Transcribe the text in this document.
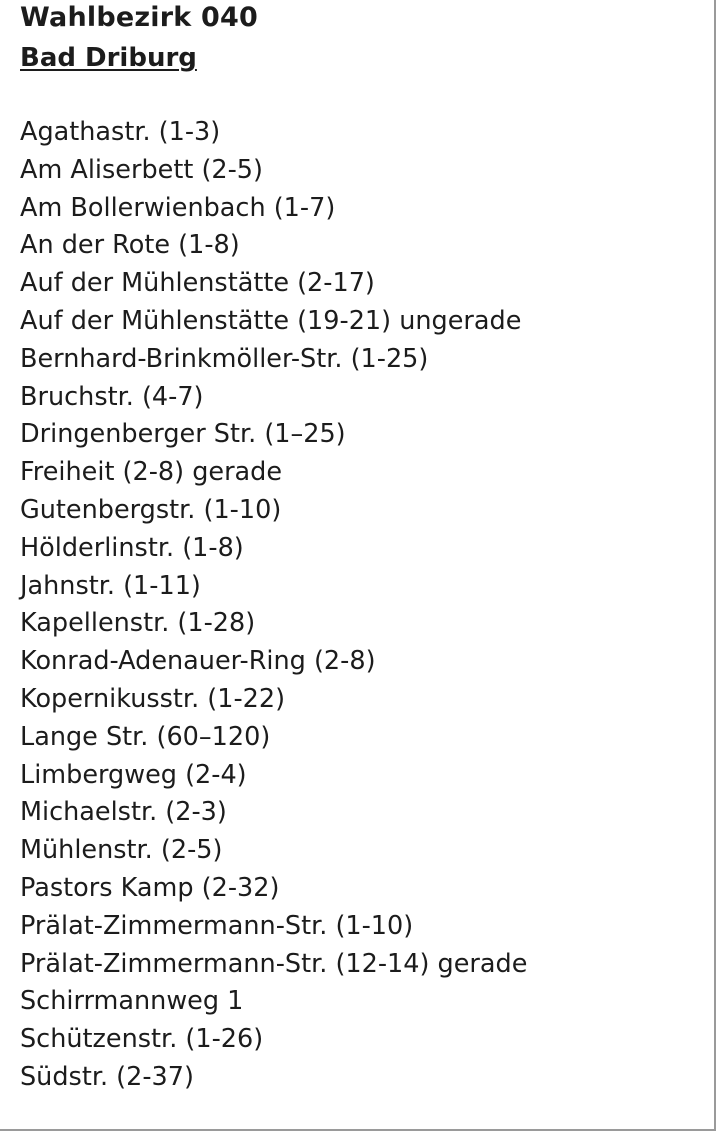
Wahlbezirk 040
Bad Driburg
Agathastr. (1-3)
Am Aliserbett (2-5)
Am Bollerwienbach (1-7)
An der Rote (1-8)
Auf der Mühlenstätte (2-17)
Auf der Mühlenstätte (19-21) ungerade
Bernhard-Brinkmöller-Str. (1-25)
Bruchstr. (4-7)
Dringenberger Str. (1–25)
Freiheit (2-8) gerade
Gutenbergstr. (1-10)
Hölderlinstr. (1-8)
Jahnstr. (1-11)
Kapellenstr. (1-28)
Konrad-Adenauer-Ring (2-8)
Kopernikusstr. (1-22)
Lange Str. (60–120)
Limbergweg (2-4)
Michaelstr. (2-3)
Mühlenstr. (2-5)
Pastors Kamp (2-32)
Prälat-Zimmermann-Str. (1-10)
Prälat-Zimmermann-Str. (12-14) gerade
Schirrmannweg 1
Schützenstr. (1-26)
Südstr. (2-37)
